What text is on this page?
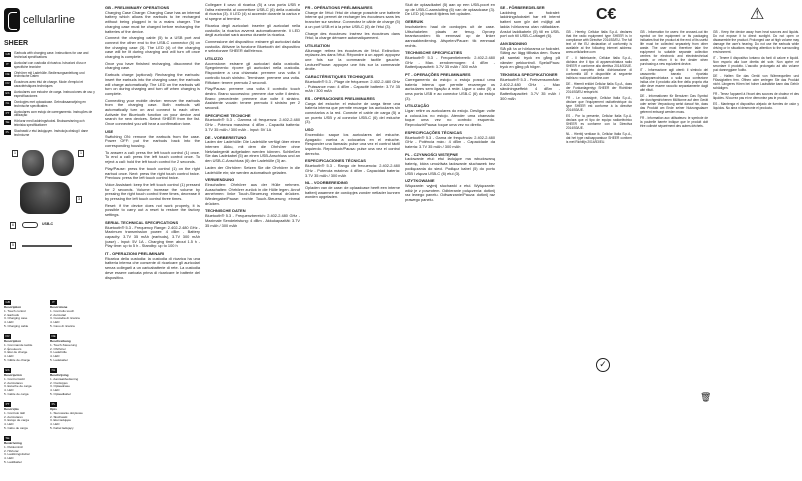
cellularline
SHEER
GB	Earbuds with charging case. Instructions for use and technical specifications
IT	Auricolari con custodia di ricarica. Istruzioni d'uso e specifiche tecniche
DE	Ohrhörer mit Ladehülle. Bedienungsanleitung und technische Daten
FR	Écouteurs avec étui de charge. Mode d'emploi et caractéristiques techniques
ES	Auriculares con estuche de carga. Instrucciones de uso y especificaciones
NL	Oordopjes met oplaadcase. Gebruiksaanwijzing en technische specificaties
PT	Auriculares com estojo de carregamento. Instruções de utilização
SE	Hörlurar med laddningsfodral. Bruksanvisning och tekniska specifikationer
PL	Słuchawki z etui ładującym. Instrukcja obsługi i dane techniczne
1	1
3
6	USB-C
5
GB
Description
1. Touch control
2. Earbuds
3. Charging case
4. LED
5. Charging cable
IT
Descrizione
1. Controllo touch
2. Auricolari
3. Custodia di ricarica
4. LED
5. Cavo di ricarica
FR
Description
1. Commande tactile
2. Écouteurs
3. Étui de charge
4. LED
5. Câble de charge
DE
Beschreibung
1. Touch-Steuerung
2. Ohrhörer
3. Ladehülle
4. LED
5. Ladekabel
ES
Descripción
1. Control táctil
2. Auriculares
3. Estuche de carga
4. LED
5. Cable de carga
NL
Beschrijving
1. Aanraakbediening
2. Oordopjes
3. Oplaadcase
4. LED
5. Oplaadkabel
PT
Descrição
1. Controlo tátil
2. Auriculares
3. Estojo de carga
4. LED
5. Cabo de carga
PL
Opis
1. Sterowanie dotykowe
2. Słuchawki
3. Etui ładujące
4. LED
5. Kabel ładujący
SE
Beskrivning
1. Pekkontroll
2. Hörlurar
3. Laddningsfodral
4. LED
5. Laddkabel
GB - PRELIMINARY OPERATIONS

Charging Case Charge: Charging Case has an internal battery which allows the earbuds to be recharged without being plugged in to a mains charger. The charging case must be charged before recharging the batteries of the device.

Connect the charging cable (5) to a USB port and connect the other end to the USB-C connector (6) on the charging case (3). The LED (4) of the charging case will be lit during charging and will turn off once charging is complete.

Once you have finished recharging, disconnect the charging case.

Earbuds charge (optional): Recharging the earbuds: insert the earbuds into the charging case; the earbuds will charge automatically. The LED on the earbuds will turn on during charging and turn off when charging is complete.

Connecting your mobile device: remove the earbuds from the charging case. Both earbuds will automatically turn on and connect to each other. Activate the Bluetooth function on your device and search for new devices. Select SHEER from the list. Once connected you will hear a confirmation tone.

USE

Switching ON: remove the earbuds from the case. Power OFF: put the earbuds back into the corresponding housing.

To answer a call: press the left touch control (1) once. To end a call: press the left touch control once. To reject a call: hold the left touch control for 2 seconds.

Play/Pause: press the touch control (1) on the right earbud once. Next: press the right touch control twice. Previous: press the left touch control twice.

Voice Assistant: keep the left touch control (1) pressed for 2 seconds. Volume: increase the volume by pressing the right touch control three times, decrease it by pressing the left touch control three times.

Reset: if the device does not work properly, it is possible to carry out a reset to restore the factory settings.

SERIAL TECHNICAL SPECIFICATIONS

Bluetooth® 5.3 - Frequency Range: 2.402-2.480 GHz - Maximum transmission power: 4 dBm - Battery capacity: 3.7V 35 mAh (earbuds), 3.7V 300 mAh (case) - Input: 5V 1A - Charging time: about 1.5 h - Play time: up to 5 h - Standby: up to 100 h

IT - OPERAZIONI PRELIMINARI

Ricarica della custodia: la custodia di ricarica ha una batteria interna che consente di ricaricare gli auricolari senza collegarli a un caricabatterie di rete. La custodia deve essere caricata prima di ricaricare le batterie del dispositivo.

Collegare il cavo di ricarica (5) a una porta USB e l'altra estremità al connettore USB-C (6) della custodia di ricarica (3). Il LED (4) si accende durante la carica e si spegne al termine.

Ricarica degli auricolari: inserire gli auricolari nella custodia; la ricarica avverrà automaticamente. Il LED degli auricolari sarà acceso durante la ricarica.

Connessione del dispositivo: estrarre gli auricolari dalla custodia. Attivare la funzione Bluetooth del dispositivo e selezionare SHEER dall'elenco.

UTILIZZO

Accensione: estrarre gli auricolari dalla custodia. Spegnimento: riporre gli auricolari nella custodia. Rispondere a una chiamata: premere una volta il controllo touch sinistro. Terminare: premere una volta. Rifiutare: tenere premuto 2 secondi.

Play/Pausa: premere una volta il controllo touch destro. Brano successivo: premere due volte il destro. Brano precedente: premere due volte il sinistro. Assistente vocale: tenere premuto il sinistro per 2 secondi.

SPECIFICHE TECNICHE

Bluetooth® 5.3 - Gamma di frequenza: 2.402-2.480 GHz - Potenza massima: 4 dBm - Capacità batteria: 3.7V 35 mAh / 300 mAh - Input: 5V 1A

DE - VORBEREITUNG

Laden der Ladehülle: Die Ladehülle verfügt über einen internen Akku, mit dem die Ohrhörer ohne Netzladegerät aufgeladen werden können. Schließen Sie das Ladekabel (5) an einen USB-Anschluss und an den USB-C-Anschluss (6) der Ladehülle (3) an.

Laden der Ohrhörer: Setzen Sie die Ohrhörer in die Ladehülle ein; sie werden automatisch geladen.

VERWENDUNG

Einschalten: Ohrhörer aus der Hülle nehmen. Ausschalten: Ohrhörer zurück in die Hülle legen. Anruf annehmen: linke Touch-Steuerung einmal drücken. Wiedergabe/Pause: rechte Touch-Steuerung einmal drücken.

TECHNISCHE DATEN

Bluetooth® 5.3 - Frequenzbereich: 2.402-2.480 GHz - Maximale Sendeleistung: 4 dBm - Akkukapazität: 3.7V 35 mAh / 300 mAh

FR - OPÉRATIONS PRÉLIMINAIRES

Charge de l'étui: l'étui de charge possède une batterie interne qui permet de recharger les écouteurs sans les brancher sur secteur. Connectez le câble de charge (5) à un port USB et à la prise USB-C (6) de l'étui (3).

Charge des écouteurs: insérez les écouteurs dans l'étui; la charge démarre automatiquement.

UTILISATION

Allumage: retirez les écouteurs de l'étui. Extinction: replacez-les dans l'étui. Répondre à un appel: appuyez une fois sur la commande tactile gauche. Lecture/Pause: appuyez une fois sur la commande droite.

CARACTÉRISTIQUES TECHNIQUES

Bluetooth® 5.3 - Plage de fréquence: 2.402-2.480 GHz - Puissance max: 4 dBm - Capacité batterie: 3.7V 35 mAh / 300 mAh

ES - OPERACIONES PRELIMINARES

Carga del estuche: el estuche de carga tiene una batería interna que permite recargar los auriculares sin conectarlos a la red. Conecte el cable de carga (5) a un puerto USB y al conector USB-C (6) del estuche (3).

USO

Encendido: saque los auriculares del estuche. Apagado: vuelva a colocarlos en el estuche. Responder una llamada: pulse una vez el control táctil izquierdo. Reproducir/Pausa: pulse una vez el control derecho.

ESPECIFICACIONES TÉCNICAS

Bluetooth® 5.3 - Rango de frecuencia: 2.402-2.480 GHz - Potencia máxima: 4 dBm - Capacidad batería: 3.7V 35 mAh / 300 mAh

NL - VOORBEREIDING

Opladen van de case: de oplaadcase heeft een interne batterij waarmee de oordopjes zonder netlader kunnen worden opgeladen.

Sluit de oplaadkabel (5) aan op een USB-poort en op de USB-C-aansluiting (6) van de oplaadcase (3). De LED (4) brandt tijdens het opladen.

GEBRUIK

Inschakelen: haal de oordopjes uit de case. Uitschakelen: plaats ze terug. Oproep beantwoorden: tik eenmaal op de linker aanraakbediening. Afspelen/Pauze: tik eenmaal rechts.

TECHNISCHE SPECIFICATIES

Bluetooth® 5.3 - Frequentiebereik: 2.402-2.480 GHz - Max. zendvermogen: 4 dBm - Batterijcapaciteit: 3.7V 35 mAh / 300 mAh

PT - OPERAÇÕES PRELIMINARES

Carregamento do estojo: o estojo possui uma bateria interna que permite recarregar os auriculares sem ligação à rede. Ligue o cabo (5) a uma porta USB e ao conector USB-C (6) do estojo (3).

UTILIZAÇÃO

Ligar: retire os auriculares do estojo. Desligar: volte a colocá-los no estojo. Atender uma chamada: toque uma vez no controlo esquerdo. Reproduzir/Pausa: toque uma vez no direito.

ESPECIFICAÇÕES TÉCNICAS

Bluetooth® 5.3 - Gama de frequência: 2.402-2.480 GHz - Potência máx.: 4 dBm - Capacidade da bateria: 3.7V 35 mAh / 300 mAh

PL - CZYNNOŚCI WSTĘPNE

Ładowanie etui: etui ładujące ma wbudowaną baterię, która umożliwia ładowanie słuchawek bez podłączania do sieci. Podłącz kabel (5) do portu USB i złącza USB-C (6) etui (3).

UŻYTKOWANIE

Włączanie: wyjmij słuchawki z etui. Wyłączanie: włóż je z powrotem. Odbieranie połączenia: dotknij raz lewego panelu. Odtwarzanie/Pauza: dotknij raz prawego panelu.

SE - FÖRBEREDELSER

Laddning av fodralet: laddningsfodralet har ett internt batteri som gör det möjligt att ladda hörlurarna utan nätladdare. Anslut laddkabeln (5) till en USB-port och till USB-C-uttaget (6).

ANVÄNDNING

Slå på: ta ur hörlurarna ur fodralet. Stäng av: lägg tillbaka dem. Svara på samtal: tryck en gång på vänster pekkontroll. Spela/Paus: tryck en gång på höger.

TEKNISKA SPECIFIKATIONER

Bluetooth® 5.3 - Frekvensområde: 2.402-2.480 GHz - Max sändningseffekt: 4 dBm - Batterikapacitet: 3.7V 35 mAh / 300 mAh

GB - Hereby, Cellular Italia S.p.A. declares that the radio equipment type SHEER is in compliance with Directive 2014/53/EU. The full text of the EU declaration of conformity is available at the following internet address: www.cellularline.com

IT - Il fabbricante, Cellular Italia S.p.A., dichiara che il tipo di apparecchiatura radio SHEER è conforme alla direttiva 2014/53/UE. Il testo completo della dichiarazione di conformità UE è disponibile al seguente indirizzo: www.cellularline.com

DE - Hiermit erklärt Cellular Italia S.p.A., dass der Funkanlagentyp SHEER der Richtlinie 2014/53/EU entspricht.

FR - Le soussigné, Cellular Italia S.p.A., déclare que l'équipement radioélectrique du type SHEER est conforme à la directive 2014/53/UE.

ES - Por la presente, Cellular Italia S.p.A. declara que el tipo de equipo radioeléctrico SHEER es conforme con la Directiva 2014/53/UE.

NL - Hierbij verklaar ik, Cellular Italia S.p.A., dat het type radioapparatuur SHEER conform is met Richtlijn 2014/53/EU.

GB - Information for users: the crossed-out bin symbol on the equipment or its packaging indicates that the product at the end of its useful life must be collected separately from other waste. The user must therefore take the equipment to suitable separate collection centres for electronic and electrotechnical waste, or return it to the dealer when purchasing a new equivalent device.

IT - Informazione agli utenti: il simbolo del cassonetto barrato riportato sull'apparecchiatura o sulla sua confezione indica che il prodotto alla fine della propria vita utile deve essere raccolto separatamente dagli altri rifiuti.

DE - Informationen für Benutzer: Das Symbol der durchgestrichenen Mülltonne auf dem Gerät oder seiner Verpackung weist darauf hin, dass das Produkt am Ende seiner Nutzungsdauer getrennt entsorgt werden muss.

FR - Information aux utilisateurs: le symbole de la poubelle barrée indique que le produit doit être collecté séparément des autres déchets.

GB - Keep the device away from heat sources and liquids. Do not expose it to direct sunlight. Do not open or disassemble the product. Prolonged use at high volume may damage the user's hearing. Do not use the earbuds while driving or in situations requiring attention to the surrounding environment.

IT - Tenere il dispositivo lontano da fonti di calore e liquidi. Non esporlo alla luce diretta del sole. Non aprire né smontare il prodotto. L'ascolto prolungato ad alto volume può danneggiare l'udito.

DE - Halten Sie das Gerät von Wärmequellen und Flüssigkeiten fern. Öffnen oder zerlegen Sie das Produkt nicht. Längeres Hören bei hoher Lautstärke kann das Gehör schädigen.

FR - Tenez l'appareil à l'écart des sources de chaleur et des liquides. N'ouvrez pas et ne démontez pas le produit.

ES - Mantenga el dispositivo alejado de fuentes de calor y líquidos. No abra ni desmonte el producto.

C€
✓
⚠
🗑
